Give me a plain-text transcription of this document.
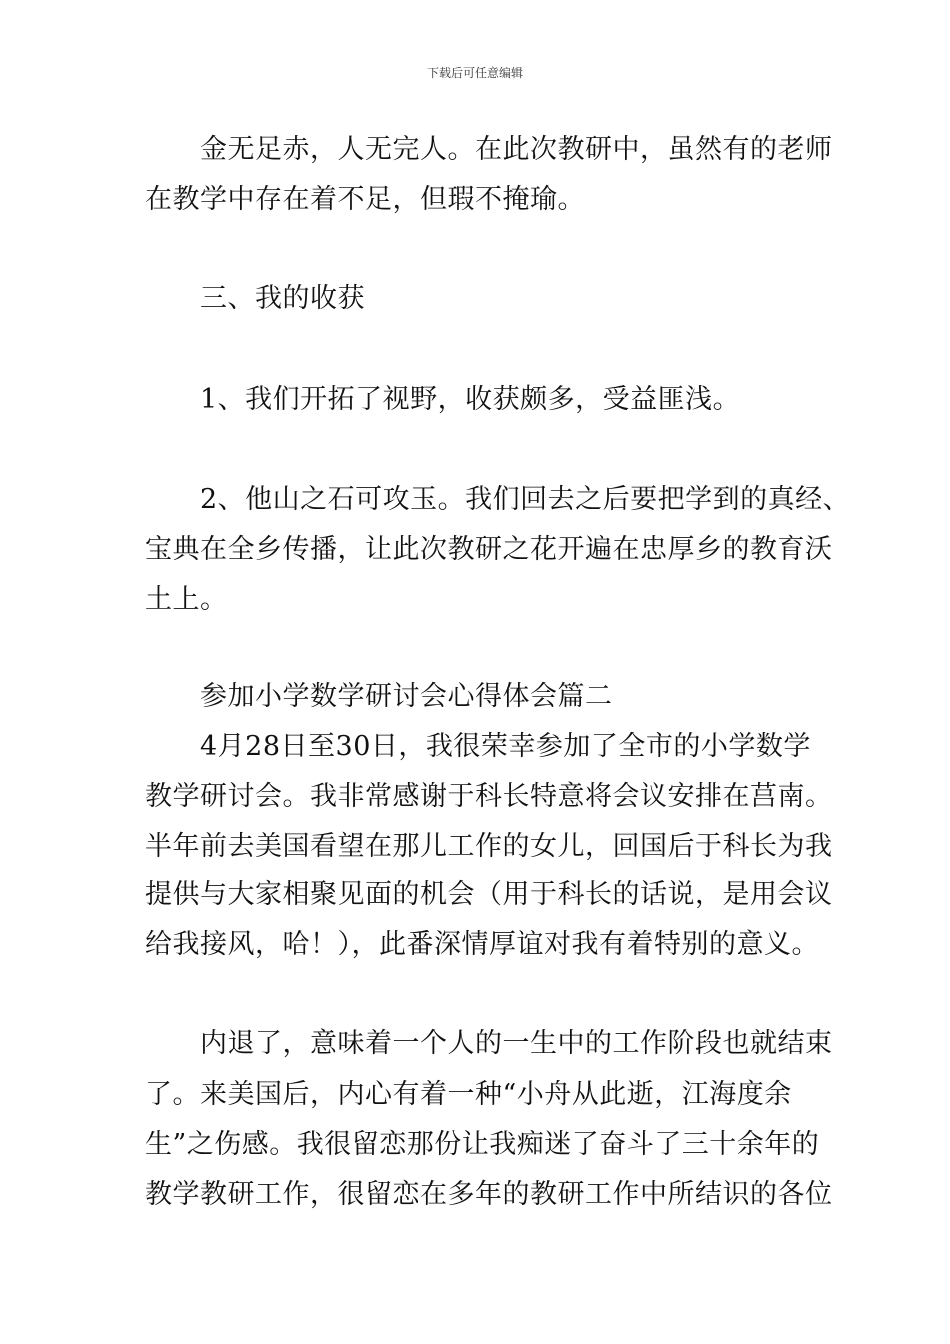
下载后可任意编辑
　　金无足赤，人无完人。在此次教研中，虽然有的老师
在教学中存在着不足，但瑕不掩瑜。
　　三、我的收获
　　1、我们开拓了视野，收获颇多，受益匪浅。
　　2、他山之石可攻玉。我们回去之后要把学到的真经、
宝典在全乡传播，让此次教研之花开遍在忠厚乡的教育沃
土上。
　　参加小学数学研讨会心得体会篇二
　　4月28日至30日，我很荣幸参加了全市的小学数学
教学研讨会。我非常感谢于科长特意将会议安排在莒南。
半年前去美国看望在那儿工作的女儿，回国后于科长为我
提供与大家相聚见面的机会（用于科长的话说，是用会议
给我接风，哈！），此番深情厚谊对我有着特别的意义。
　　内退了，意味着一个人的一生中的工作阶段也就结束
了。来美国后，内心有着一种“小舟从此逝，江海度余
生”之伤感。我很留恋那份让我痴迷了奋斗了三十余年的
教学教研工作，很留恋在多年的教研工作中所结识的各位
